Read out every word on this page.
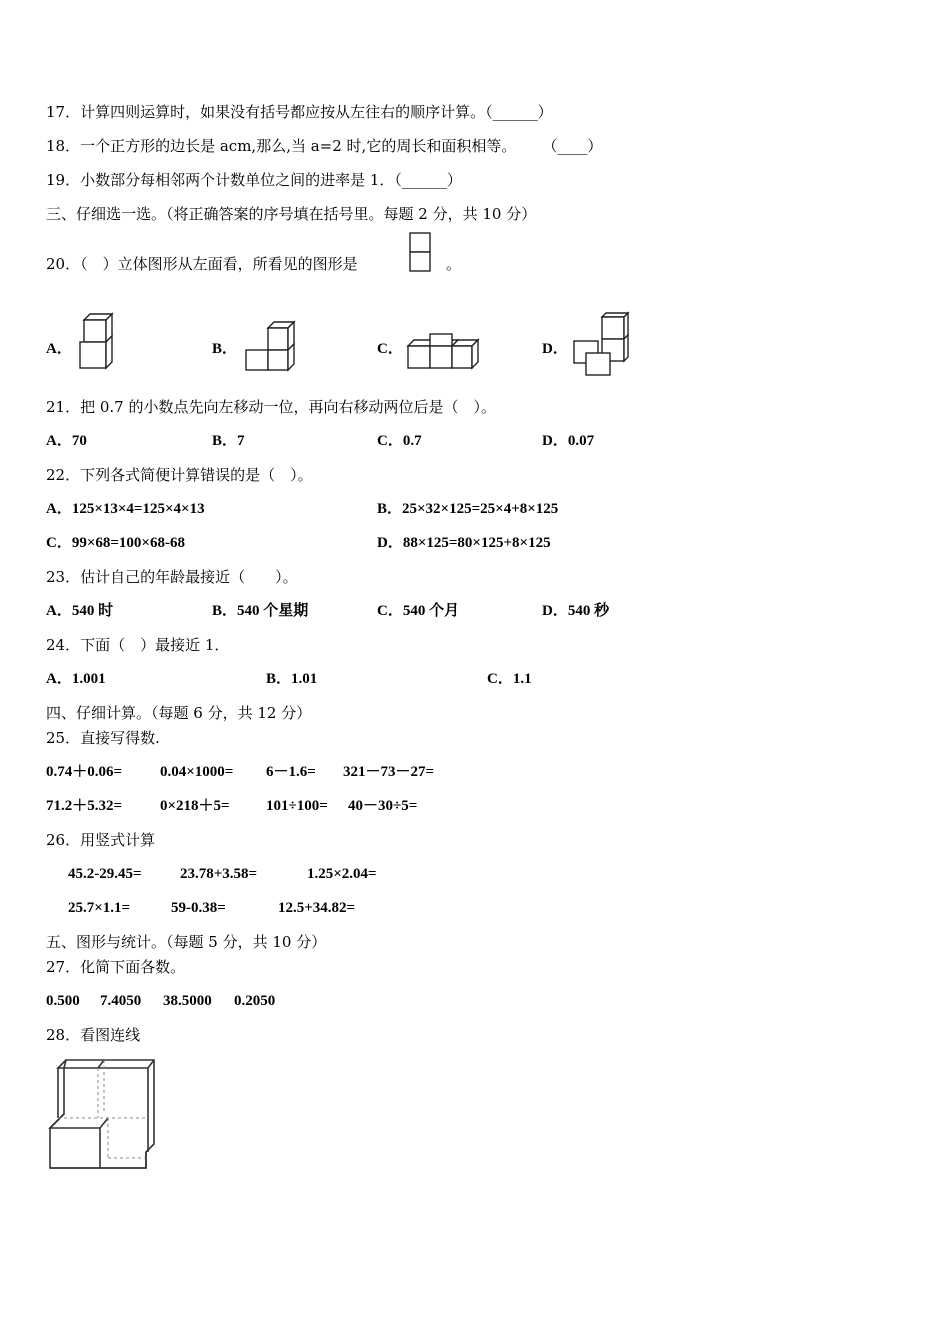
17．计算四则运算时，如果没有括号都应按从左往右的顺序计算。（______）
18．一个正方形的边长是 acm,那么,当 a=2 时,它的周长和面积相等。 （____）
19．小数部分每相邻两个计数单位之间的进率是 1．（______）
三、仔细选一选。（将正确答案的序号填在括号里。每题 2 分，共 10 分）
20．（　）立体图形从左面看，所看见的图形是	。
A．	B．	C．	D．
21．把 0.7 的小数点先向左移动一位，再向右移动两位后是（　）。
A．70	B．7	C．0.7	D．0.07
22．下列各式简便计算错误的是（　）。
A．125×13×4=125×4×13	B．25×32×125=25×4+8×125
C．99×68=100×68-68	D．88×125=80×125+8×125
23．估计自己的年龄最接近（　　）。
A．540 时	B．540 个星期	C．540 个月	D．540 秒
24．下面（　）最接近 1．
A．1.001	B．1.01	C．1.1
四、仔细计算。（每题 6 分，共 12 分）
25．直接写得数.
0.74＋0.06=	0.04×1000= 6－1.6= 321－73－27=
71.2＋5.32=	0×218＋5= 101÷100= 40－30÷5=
26．用竖式计算
45.2-29.45=	23.78+3.58=	1.25×2.04=
25.7×1.1=	59-0.38=	12.5+34.82=
五、图形与统计。（每题 5 分，共 10 分）
27．化简下面各数。
0.500 7.4050 38.5000 0.2050
28．看图连线
